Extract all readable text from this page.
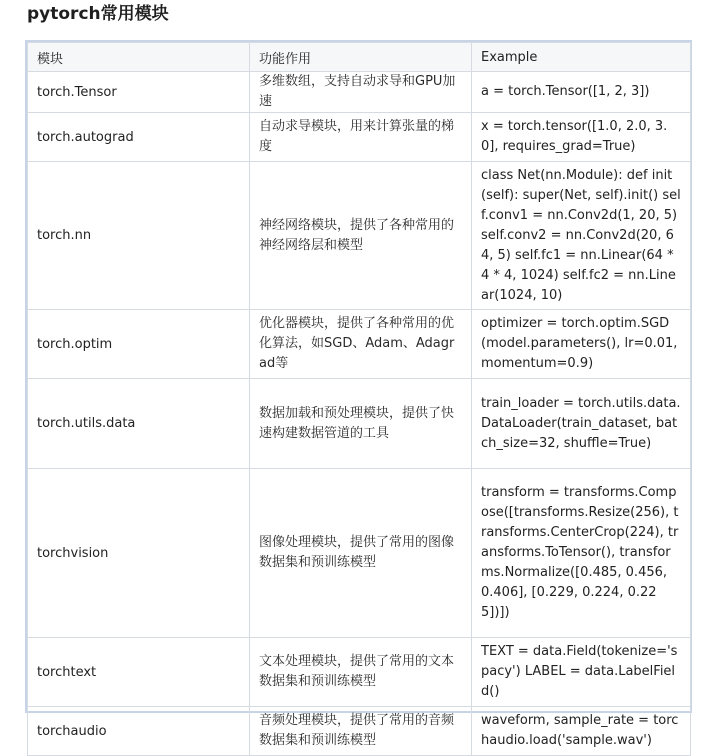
pytorch常用模块
模块	功能作用	Example
torch.Tensor	多维数组，支持自动求导和GPU加速	a = torch.Tensor([1, 2, 3])
torch.autograd	自动求导模块，用来计算张量的梯度	x = torch.tensor([1.0, 2.0, 3.0], requires_grad=True)
torch.nn	神经网络模块，提供了各种常用的神经网络层和模型	class Net(nn.Module): def init(self): super(Net, self).init() self.conv1 = nn.Conv2d(1, 20, 5) self.conv2 = nn.Conv2d(20, 64, 5) self.fc1 = nn.Linear(64 * 4 * 4, 1024) self.fc2 = nn.Linear(1024, 10)
torch.optim	优化器模块，提供了各种常用的优化算法，如SGD、Adam、Adagrad等	optimizer = torch.optim.SGD(model.parameters(), lr=0.01, momentum=0.9)
torch.utils.data	数据加载和预处理模块，提供了快速构建数据管道的工具	train_loader = torch.utils.data.DataLoader(train_dataset, batch_size=32, shuffle=True)
torchvision	图像处理模块，提供了常用的图像数据集和预训练模型	transform = transforms.Compose([transforms.Resize(256), transforms.CenterCrop(224), transforms.ToTensor(), transforms.Normalize([0.485, 0.456, 0.406], [0.229, 0.224, 0.225])])
torchtext	文本处理模块，提供了常用的文本数据集和预训练模型	TEXT = data.Field(tokenize='spacy') LABEL = data.LabelField()
torchaudio	音频处理模块，提供了常用的音频数据集和预训练模型	waveform, sample_rate = torchaudio.load('sample.wav')
